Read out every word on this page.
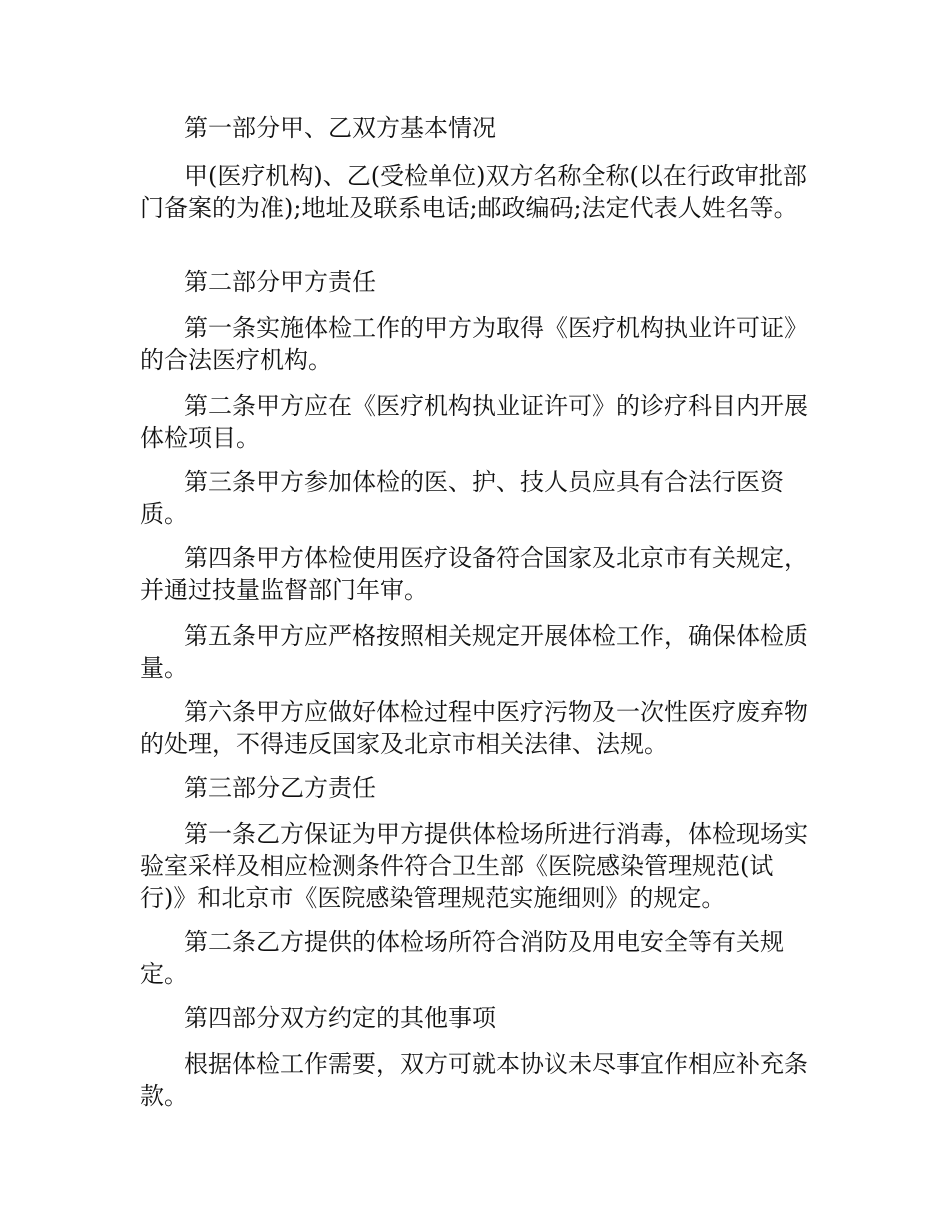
第一部分甲、乙双方基本情况

甲(医疗机构)、乙(受检单位)双方名称全称(以在行政审批部门备案的为准);地址及联系电话;邮政编码;法定代表人姓名等。

第二部分甲方责任

第一条实施体检工作的甲方为取得《医疗机构执业许可证》的合法医疗机构。

第二条甲方应在《医疗机构执业证许可》的诊疗科目内开展体检项目。

第三条甲方参加体检的医、护、技人员应具有合法行医资质。

第四条甲方体检使用医疗设备符合国家及北京市有关规定，并通过技量监督部门年审。

第五条甲方应严格按照相关规定开展体检工作，确保体检质量。

第六条甲方应做好体检过程中医疗污物及一次性医疗废弃物的处理，不得违反国家及北京市相关法律、法规。

第三部分乙方责任

第一条乙方保证为甲方提供体检场所进行消毒，体检现场实验室采样及相应检测条件符合卫生部《医院感染管理规范(试行)》和北京市《医院感染管理规范实施细则》的规定。

第二条乙方提供的体检场所符合消防及用电安全等有关规定。

第四部分双方约定的其他事项

根据体检工作需要，双方可就本协议未尽事宜作相应补充条款。
